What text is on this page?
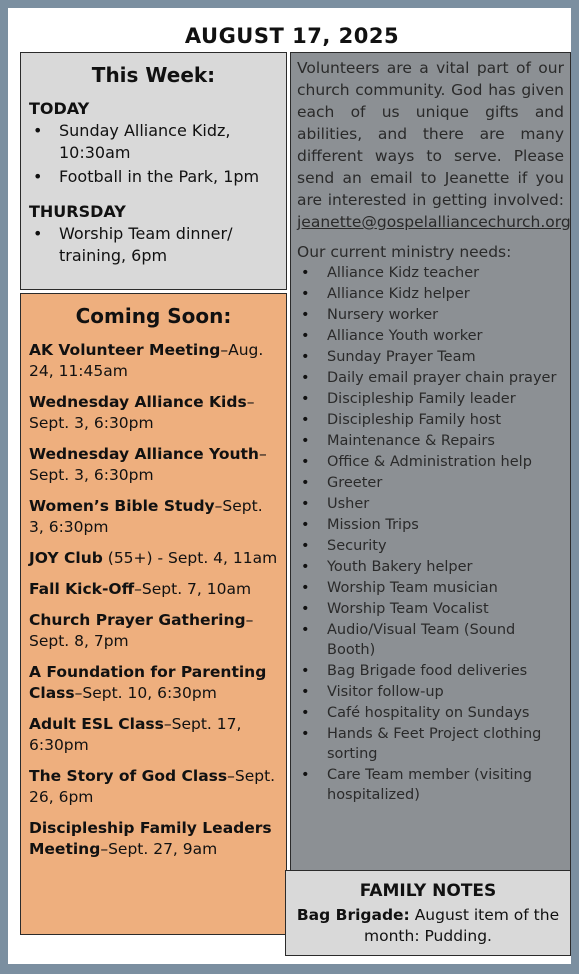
AUGUST 17, 2025
This Week:
TODAY
• Sunday Alliance Kidz, 10:30am
• Football in the Park, 1pm
THURSDAY
• Worship Team dinner/ training, 6pm
Coming Soon:
AK Volunteer Meeting–Aug. 24, 11:45am
Wednesday Alliance Kids–Sept. 3, 6:30pm
Wednesday Alliance Youth–Sept. 3, 6:30pm
Women’s Bible Study–Sept. 3, 6:30pm
JOY Club (55+) - Sept. 4, 11am
Fall Kick-Off–Sept. 7, 10am
Church Prayer Gathering–Sept. 8, 7pm
A Foundation for Parenting Class–Sept. 10, 6:30pm
Adult ESL Class–Sept. 17, 6:30pm
The Story of God Class–Sept. 26, 6pm
Discipleship Family Leaders Meeting–Sept. 27, 9am
Volunteers are a vital part of our church community. God has given each of us unique gifts and abilities, and there are many different ways to serve. Please send an email to Jeanette if you are interested in getting involved: jeanette@gospelalliancechurch.org
Our current ministry needs:
• Alliance Kidz teacher
• Alliance Kidz helper
• Nursery worker
• Alliance Youth worker
• Sunday Prayer Team
• Daily email prayer chain prayer
• Discipleship Family leader
• Discipleship Family host
• Maintenance & Repairs
• Office & Administration help
• Greeter
• Usher
• Mission Trips
• Security
• Youth Bakery helper
• Worship Team musician
• Worship Team Vocalist
• Audio/Visual Team (Sound Booth)
• Bag Brigade food deliveries
• Visitor follow-up
• Café hospitality on Sundays
• Hands & Feet Project clothing sorting
• Care Team member (visiting hospitalized)
FAMILY NOTES
Bag Brigade: August item of the month: Pudding.
